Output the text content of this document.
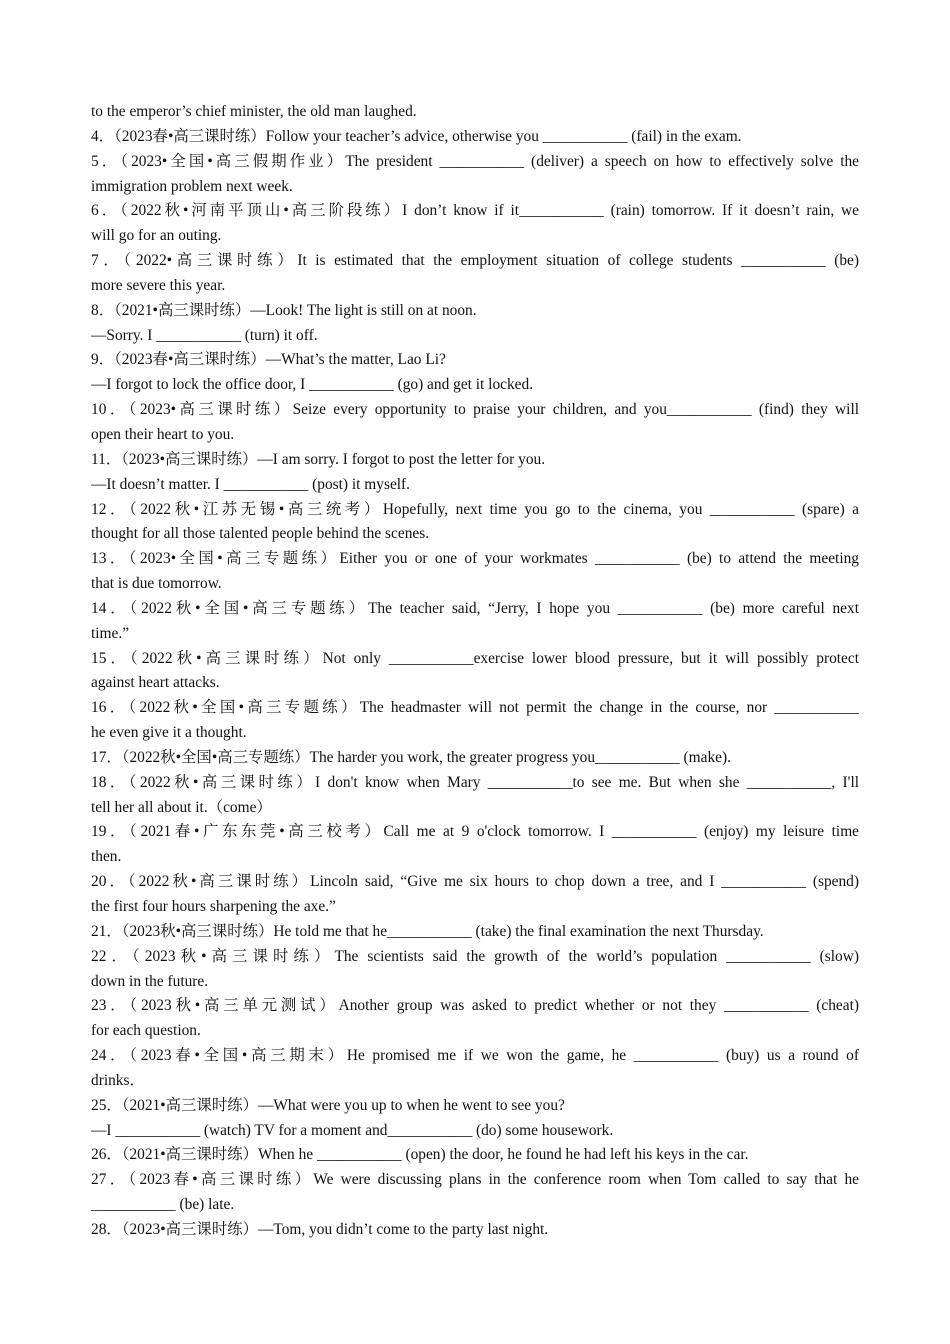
to the emperor’s chief minister, the old man laughed.
4．（2023春•高三课时练）Follow your teacher’s advice, otherwise you ___________ (fail) in the exam.
5．（2023•全国•高三假期作业）The president ___________ (deliver) a speech on how to effectively solve the
immigration problem next week.
6．（2022秋•河南平顶山•高三阶段练）I don’t know if it___________ (rain) tomorrow. If it doesn’t rain, we
will go for an outing.
7．（2022•高三课时练）It is estimated that the employment situation of college students ___________ (be)
more severe this year.
8．（2021•高三课时练）—Look! The light is still on at noon.
—Sorry. I ___________ (turn) it off.
9．（2023春•高三课时练）—What’s the matter, Lao Li?
—I forgot to lock the office door, I ___________ (go) and get it locked.
10．（2023•高三课时练）Seize every opportunity to praise your children, and you___________ (find) they will
open their heart to you.
11．（2023•高三课时练）—I am sorry. I forgot to post the letter for you.
—It doesn’t matter. I ___________ (post) it myself.
12．（2022秋•江苏无锡•高三统考）Hopefully, next time you go to the cinema, you ___________ (spare) a
thought for all those talented people behind the scenes.
13．（2023•全国•高三专题练）Either you or one of your workmates ___________ (be) to attend the meeting
that is due tomorrow.
14．（2022秋•全国•高三专题练）The teacher said, “Jerry, I hope you ___________ (be) more careful next
time.”
15．（2022秋•高三课时练）Not only ___________exercise lower blood pressure, but it will possibly protect
against heart attacks.
16．（2022秋•全国•高三专题练）The headmaster will not permit the change in the course, nor ___________
he even give it a thought.
17．（2022秋•全国•高三专题练）The harder you work, the greater progress you___________ (make).
18．（2022秋•高三课时练）I don't know when Mary ___________to see me. But when she ___________, I'll
tell her all about it.（come）
19．（2021春•广东东莞•高三校考）Call me at 9 o'clock tomorrow. I ___________ (enjoy) my leisure time
then.
20．（2022秋•高三课时练）Lincoln said, “Give me six hours to chop down a tree, and I ___________ (spend)
the first four hours sharpening the axe.”
21．（2023秋•高三课时练）He told me that he___________ (take) the final examination the next Thursday.
22．（2023秋•高三课时练）The scientists said the growth of the world’s population ___________ (slow)
down in the future.
23．（2023秋•高三单元测试）Another group was asked to predict whether or not they ___________ (cheat)
for each question.
24．（2023春•全国•高三期末）He promised me if we won the game, he ___________ (buy) us a round of
drinks．
25．（2021•高三课时练）—What were you up to when he went to see you?
—I ___________ (watch) TV for a moment and___________ (do) some housework.
26．（2021•高三课时练）When he ___________ (open) the door, he found he had left his keys in the car.
27．（2023春•高三课时练）We were discussing plans in the conference room when Tom called to say that he
___________ (be) late.
28．（2023•高三课时练）—Tom, you didn’t come to the party last night.
